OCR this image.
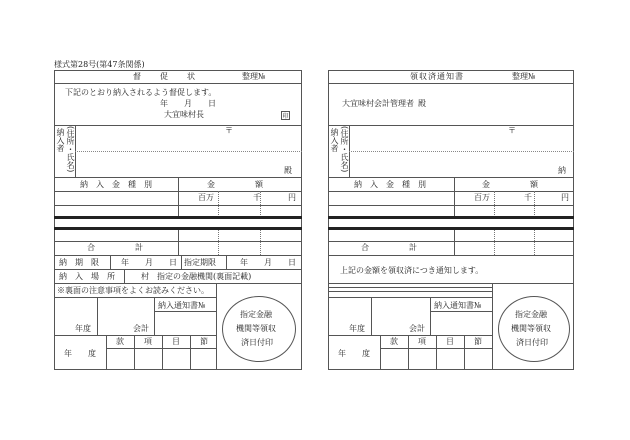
様式第28号(第47条関係)
督　　促　　状	整理№
下記のとおり納入されるよう督促します。
年　　月　　日
大宜味村長	印
納入者 (住所・氏名)	〒
殿
納　入　金　種　別	金　　　　　額
百万	千	円
合　　　　　計
納　期　限	年　　月　　日 指定期限	年　　月　　日
納　入　場　所	村　指定の金融機関(裏面記載)
※裏面の注意事項をよくお読みください。
納入通知書№
年度	会計
年　　度
款	項	目	節
指定金融
機関等領収
済日付印
領収済通知書	整理№
大宜味村会計管理者 殿
納入者 (住所・氏名)	〒
納
納　入　金　種　別	金　　　　　額
百万	千	円
合　　　　　計
上記の金額を領収済につき通知します。
納入通知書№
年度	会計
年　　度
款	項	目	節
指定金融
機関等領収
済日付印
